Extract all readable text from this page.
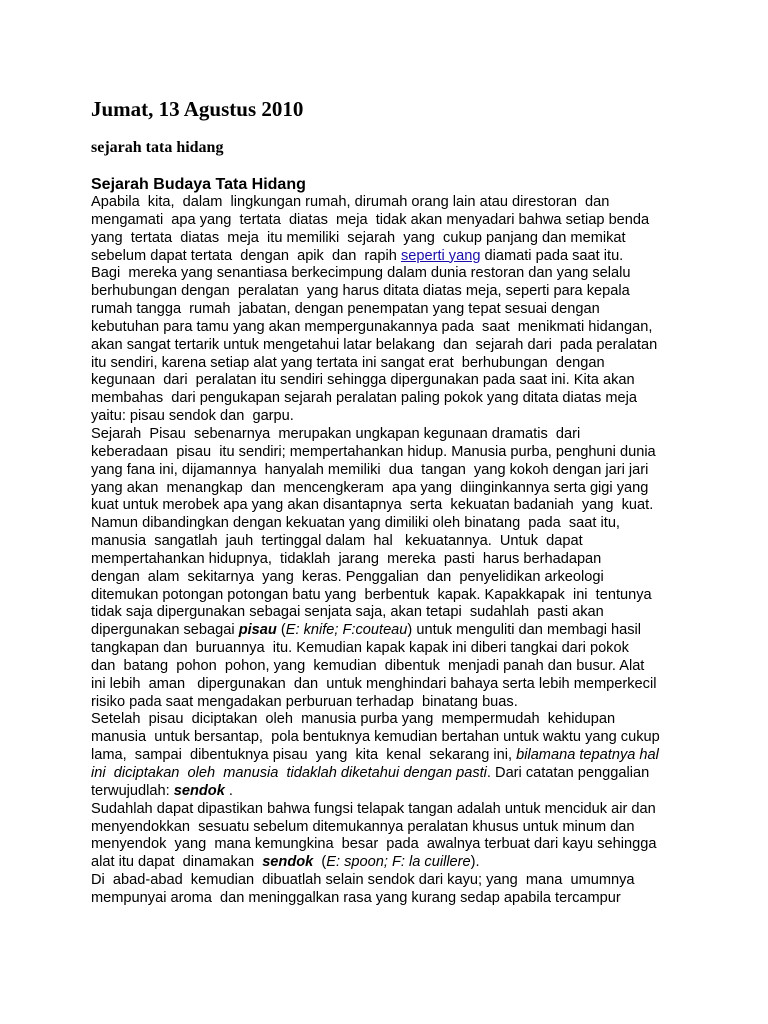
Jumat, 13 Agustus 2010
sejarah tata hidang
Sejarah Budaya Tata Hidang
Apabila  kita,  dalam  lingkungan rumah, dirumah orang lain atau direstoran  dan
mengamati  apa yang  tertata  diatas  meja  tidak akan menyadari bahwa setiap benda
yang  tertata  diatas  meja  itu memiliki  sejarah  yang  cukup panjang dan memikat
sebelum dapat tertata  dengan  apik  dan  rapih seperti yang diamati pada saat itu.
Bagi  mereka yang senantiasa berkecimpung dalam dunia restoran dan yang selalu
berhubungan dengan  peralatan  yang harus ditata diatas meja, seperti para kepala
rumah tangga  rumah  jabatan, dengan penempatan yang tepat sesuai dengan
kebutuhan para tamu yang akan mempergunakannya pada  saat  menikmati hidangan,
akan sangat tertarik untuk mengetahui latar belakang  dan  sejarah dari  pada peralatan
itu sendiri, karena setiap alat yang tertata ini sangat erat  berhubungan  dengan
kegunaan  dari  peralatan itu sendiri sehingga dipergunakan pada saat ini. Kita akan
membahas  dari pengukapan sejarah peralatan paling pokok yang ditata diatas meja
yaitu: pisau sendok dan  garpu.
Sejarah  Pisau  sebenarnya  merupakan ungkapan kegunaan dramatis  dari
keberadaan  pisau  itu sendiri; mempertahankan hidup. Manusia purba, penghuni dunia
yang fana ini, dijamannya  hanyalah memiliki  dua  tangan  yang kokoh dengan jari jari
yang akan  menangkap  dan  mencengkeram  apa yang  diinginkannya serta gigi yang
kuat untuk merobek apa yang akan disantapnya  serta  kekuatan badaniah  yang  kuat.
Namun dibandingkan dengan kekuatan yang dimiliki oleh binatang  pada  saat itu,
manusia  sangatlah  jauh  tertinggal dalam  hal   kekuatannya.  Untuk  dapat
mempertahankan hidupnya,  tidaklah  jarang  mereka  pasti  harus berhadapan
dengan  alam  sekitarnya  yang  keras. Penggalian  dan  penyelidikan arkeologi
ditemukan potongan potongan batu yang  berbentuk  kapak. Kapakkapak  ini  tentunya
tidak saja dipergunakan sebagai senjata saja, akan tetapi  sudahlah  pasti akan
dipergunakan sebagai pisau (E: knife; F:couteau) untuk menguliti dan membagi hasil
tangkapan dan  buruannya  itu. Kemudian kapak kapak ini diberi tangkai dari pokok
dan  batang  pohon  pohon, yang  kemudian  dibentuk  menjadi panah dan busur. Alat
ini lebih  aman   dipergunakan  dan  untuk menghindari bahaya serta lebih memperkecil
risiko pada saat mengadakan perburuan terhadap  binatang buas.
Setelah  pisau  diciptakan  oleh  manusia purba yang  mempermudah  kehidupan
manusia  untuk bersantap,  pola bentuknya kemudian bertahan untuk waktu yang cukup
lama,  sampai  dibentuknya pisau  yang  kita  kenal  sekarang ini, bilamana tepatnya hal
ini  diciptakan  oleh  manusia  tidaklah diketahui dengan pasti. Dari catatan penggalian
terwujudlah: sendok .
Sudahlah dapat dipastikan bahwa fungsi telapak tangan adalah untuk menciduk air dan
menyendokkan  sesuatu sebelum ditemukannya peralatan khusus untuk minum dan
menyendok  yang  mana kemungkina  besar  pada  awalnya terbuat dari kayu sehingga
alat itu dapat  dinamakan  sendok  (E: spoon; F: la cuillere).
Di  abad-abad  kemudian  dibuatlah selain sendok dari kayu; yang  mana  umumnya
mempunyai aroma  dan meninggalkan rasa yang kurang sedap apabila tercampur
